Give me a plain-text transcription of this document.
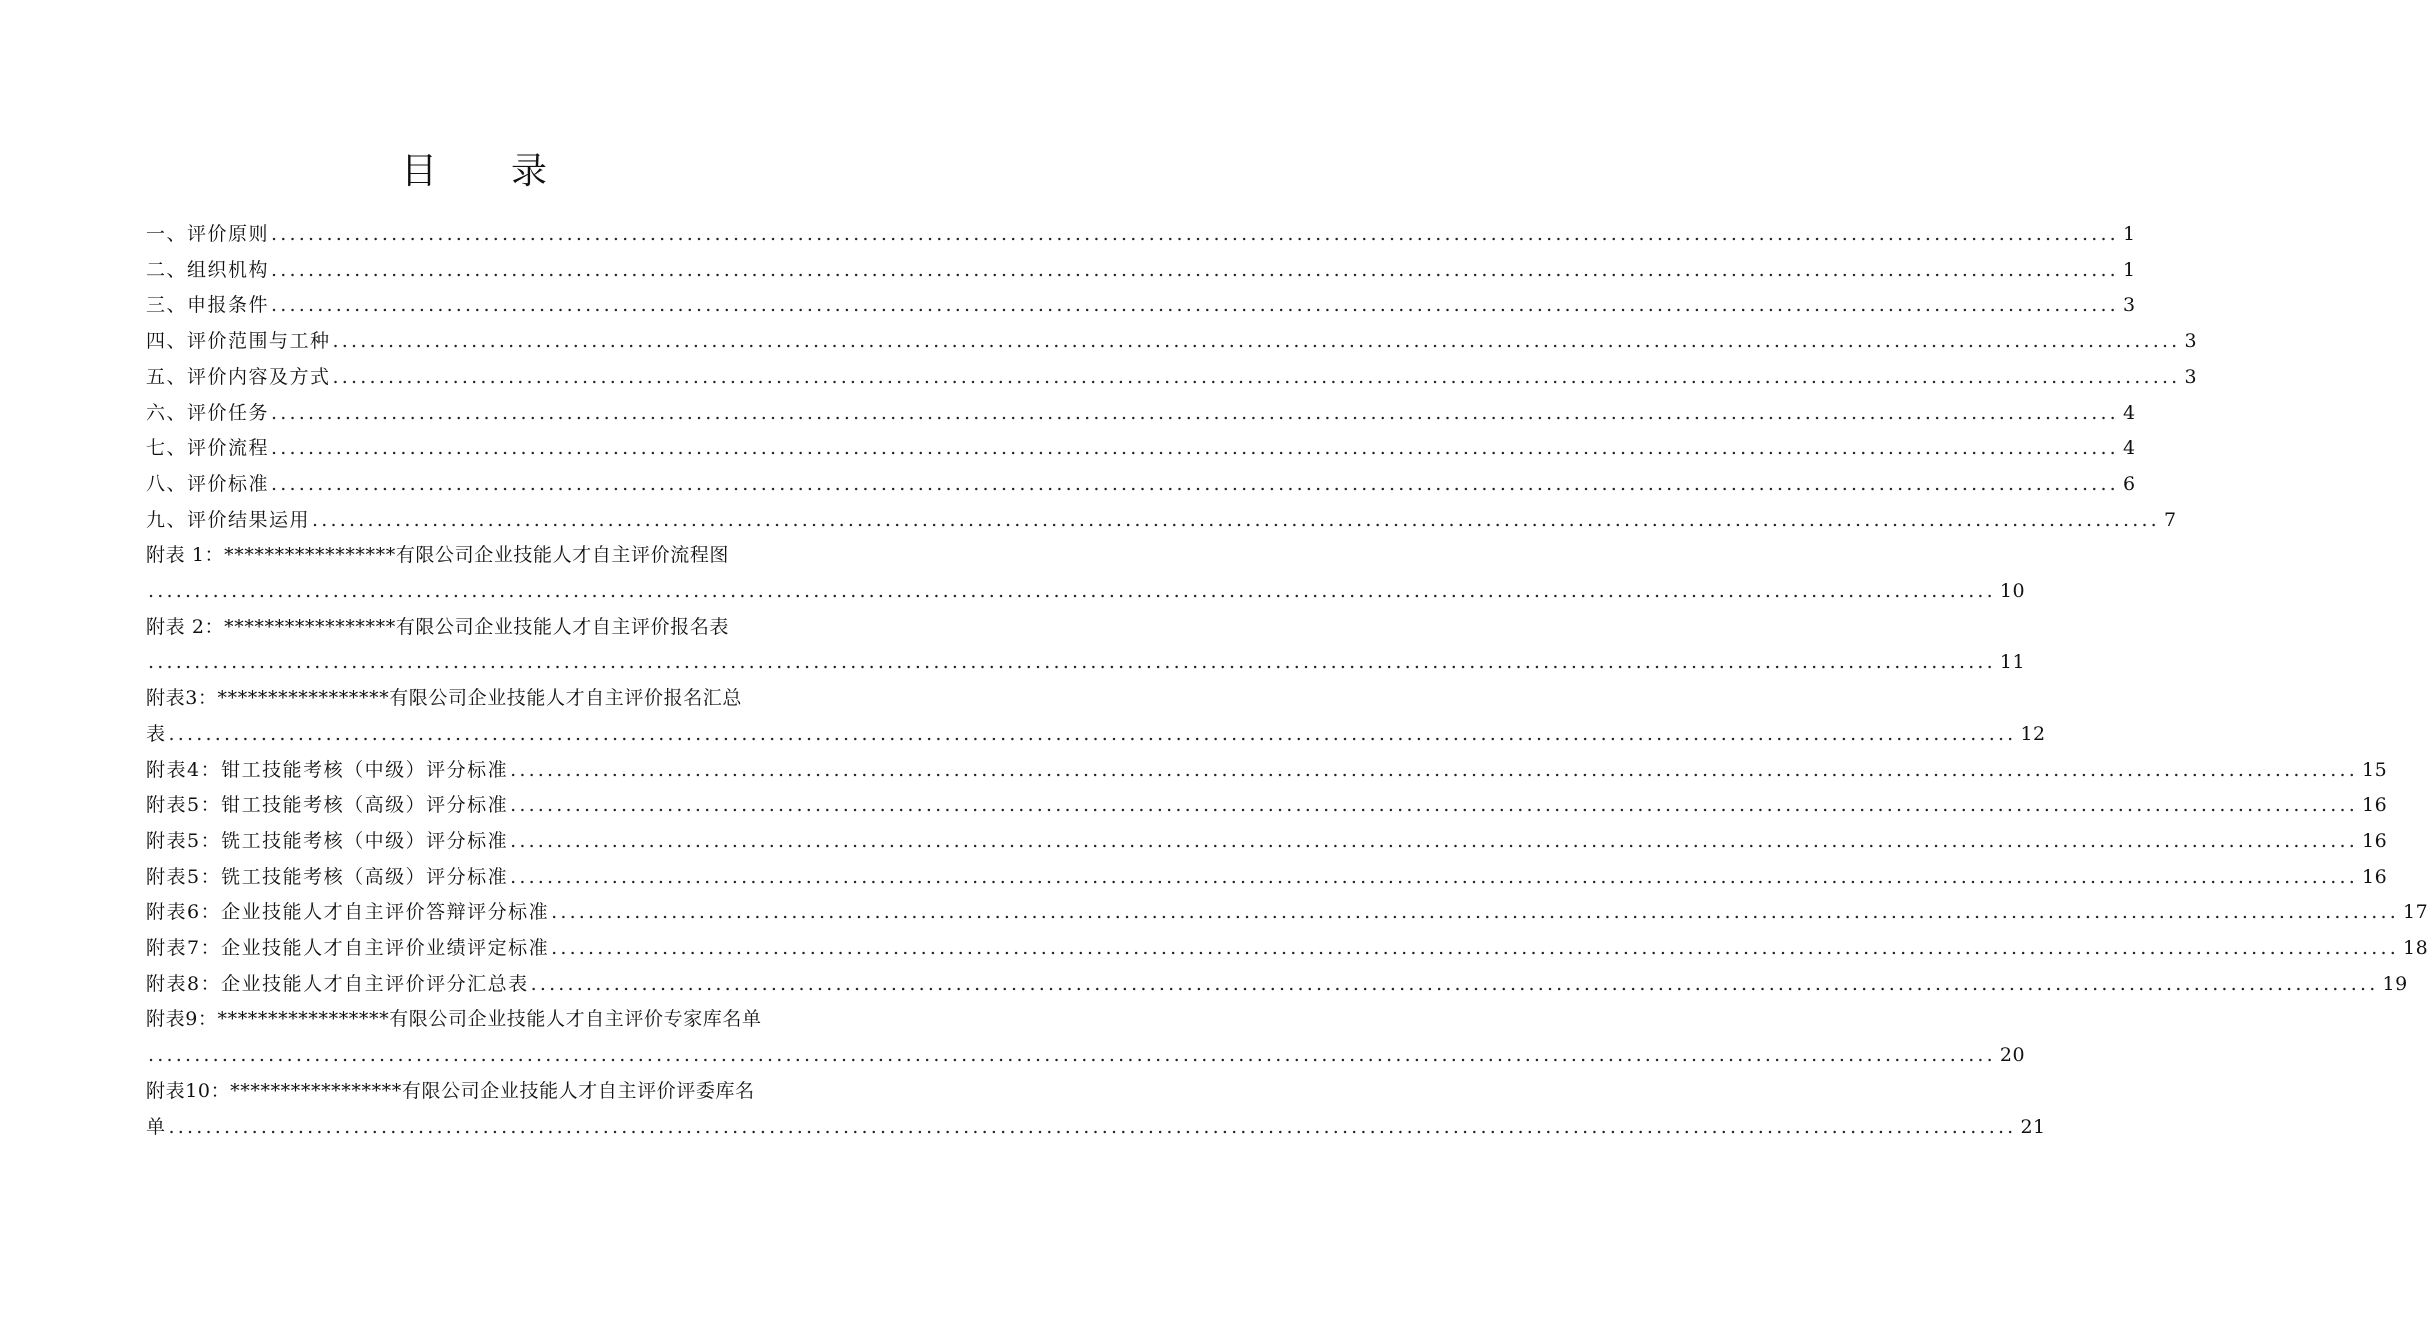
目 录
一、评价原则 ........................................................................................................................................................................................................ 1
二、组织机构 ........................................................................................................................................................................................................ 1
三、申报条件 ........................................................................................................................................................................................................ 3
四、评价范围与工种 ........................................................................................................................................................................................................ 3
五、评价内容及方式 ........................................................................................................................................................................................................ 3
六、评价任务 ........................................................................................................................................................................................................ 4
七、评价流程 ........................................................................................................................................................................................................ 4
八、评价标准 ........................................................................................................................................................................................................ 6
九、评价结果运用 ........................................................................................................................................................................................................ 7
附表 1：*****************有限公司企业技能人才自主评价流程图
........................................................................................................................................................................................................ 10
附表 2：*****************有限公司企业技能人才自主评价报名表
........................................................................................................................................................................................................ 11
附表3：*****************有限公司企业技能人才自主评价报名汇总
表 ........................................................................................................................................................................................................ 12
附表4：钳工技能考核（中级）评分标准 ........................................................................................................................................................................................................ 15
附表5：钳工技能考核（高级）评分标准 ........................................................................................................................................................................................................ 16
附表5：铣工技能考核（中级）评分标准 ........................................................................................................................................................................................................ 16
附表5：铣工技能考核（高级）评分标准 ........................................................................................................................................................................................................ 16
附表6：企业技能人才自主评价答辩评分标准 ........................................................................................................................................................................................................ 17
附表7：企业技能人才自主评价业绩评定标准 ........................................................................................................................................................................................................ 18
附表8：企业技能人才自主评价评分汇总表 ........................................................................................................................................................................................................ 19
附表9：*****************有限公司企业技能人才自主评价专家库名单
........................................................................................................................................................................................................ 20
附表10：*****************有限公司企业技能人才自主评价评委库名
单 ........................................................................................................................................................................................................ 21
